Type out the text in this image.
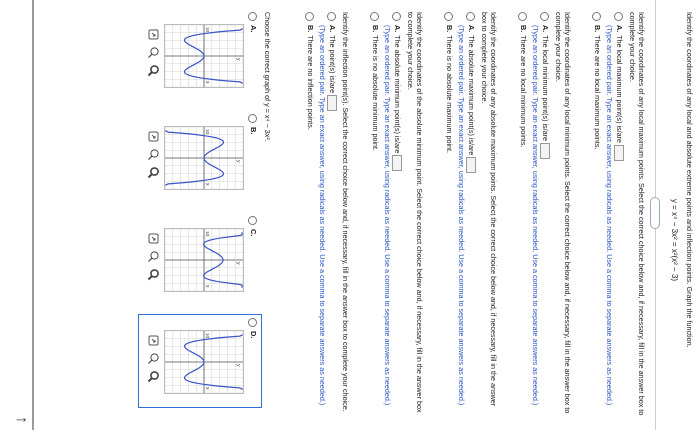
Identify the coordinates of any local and absolute extreme points and inflection points. Graph the function.
y = x⁴ − 3x² = x²(x² − 3)
Identify the coordinates of any local maximum points. Select the correct choice below and, if necessary, fill in the answer box to complete your choice.
A.The local maximum point(s) is/are
(Type an ordered pair. Type an exact answer, using radicals as needed. Use a comma to separate answers as needed.)
B.There are no local maximum points.
Identify the coordinates of any local minimum points. Select the correct choice below and, if necessary, fill in the answer box to complete your choice.
A.The local minimum point(s) is/are
(Type an ordered pair. Type an exact answer, using radicals as needed. Use a comma to separate answers as needed.)
B.There are no local minimum points.
Identify the coordinates of any absolute maximum points. Select the correct choice below and, if necessary, fill in the answer box to complete your choice.
A.The absolute maximum point(s) is/are
(Type an ordered pair. Type an exact answer, using radicals as needed. Use a comma to separate answers as needed.)
B.There is no absolute maximum point.
Identify the coordinates of the absolute minimum point. Select the correct choice below and, if necessary, fill in the answer box to complete your choice.
A.The absolute minimum point(s) is/are
(Type an ordered pair. Type an exact answer, using radicals as needed. Use a comma to separate answers as needed.)
B.There is no absolute minimum point.
Identify the inflection point(s). Select the correct choice below and, if necessary, fill in the answer box to complete your choice.
A.The point(s) is/are
(Type an ordered pair. Type an exact answer, using radicals as needed. Use a comma to separate answers as needed.)
B.There are no inflection points.
Choose the correct graph of y = x⁴ − 3x².
A.
x
y
10
B.
x
y
10
C.
x
y
10
D.
x
y
10
↑
